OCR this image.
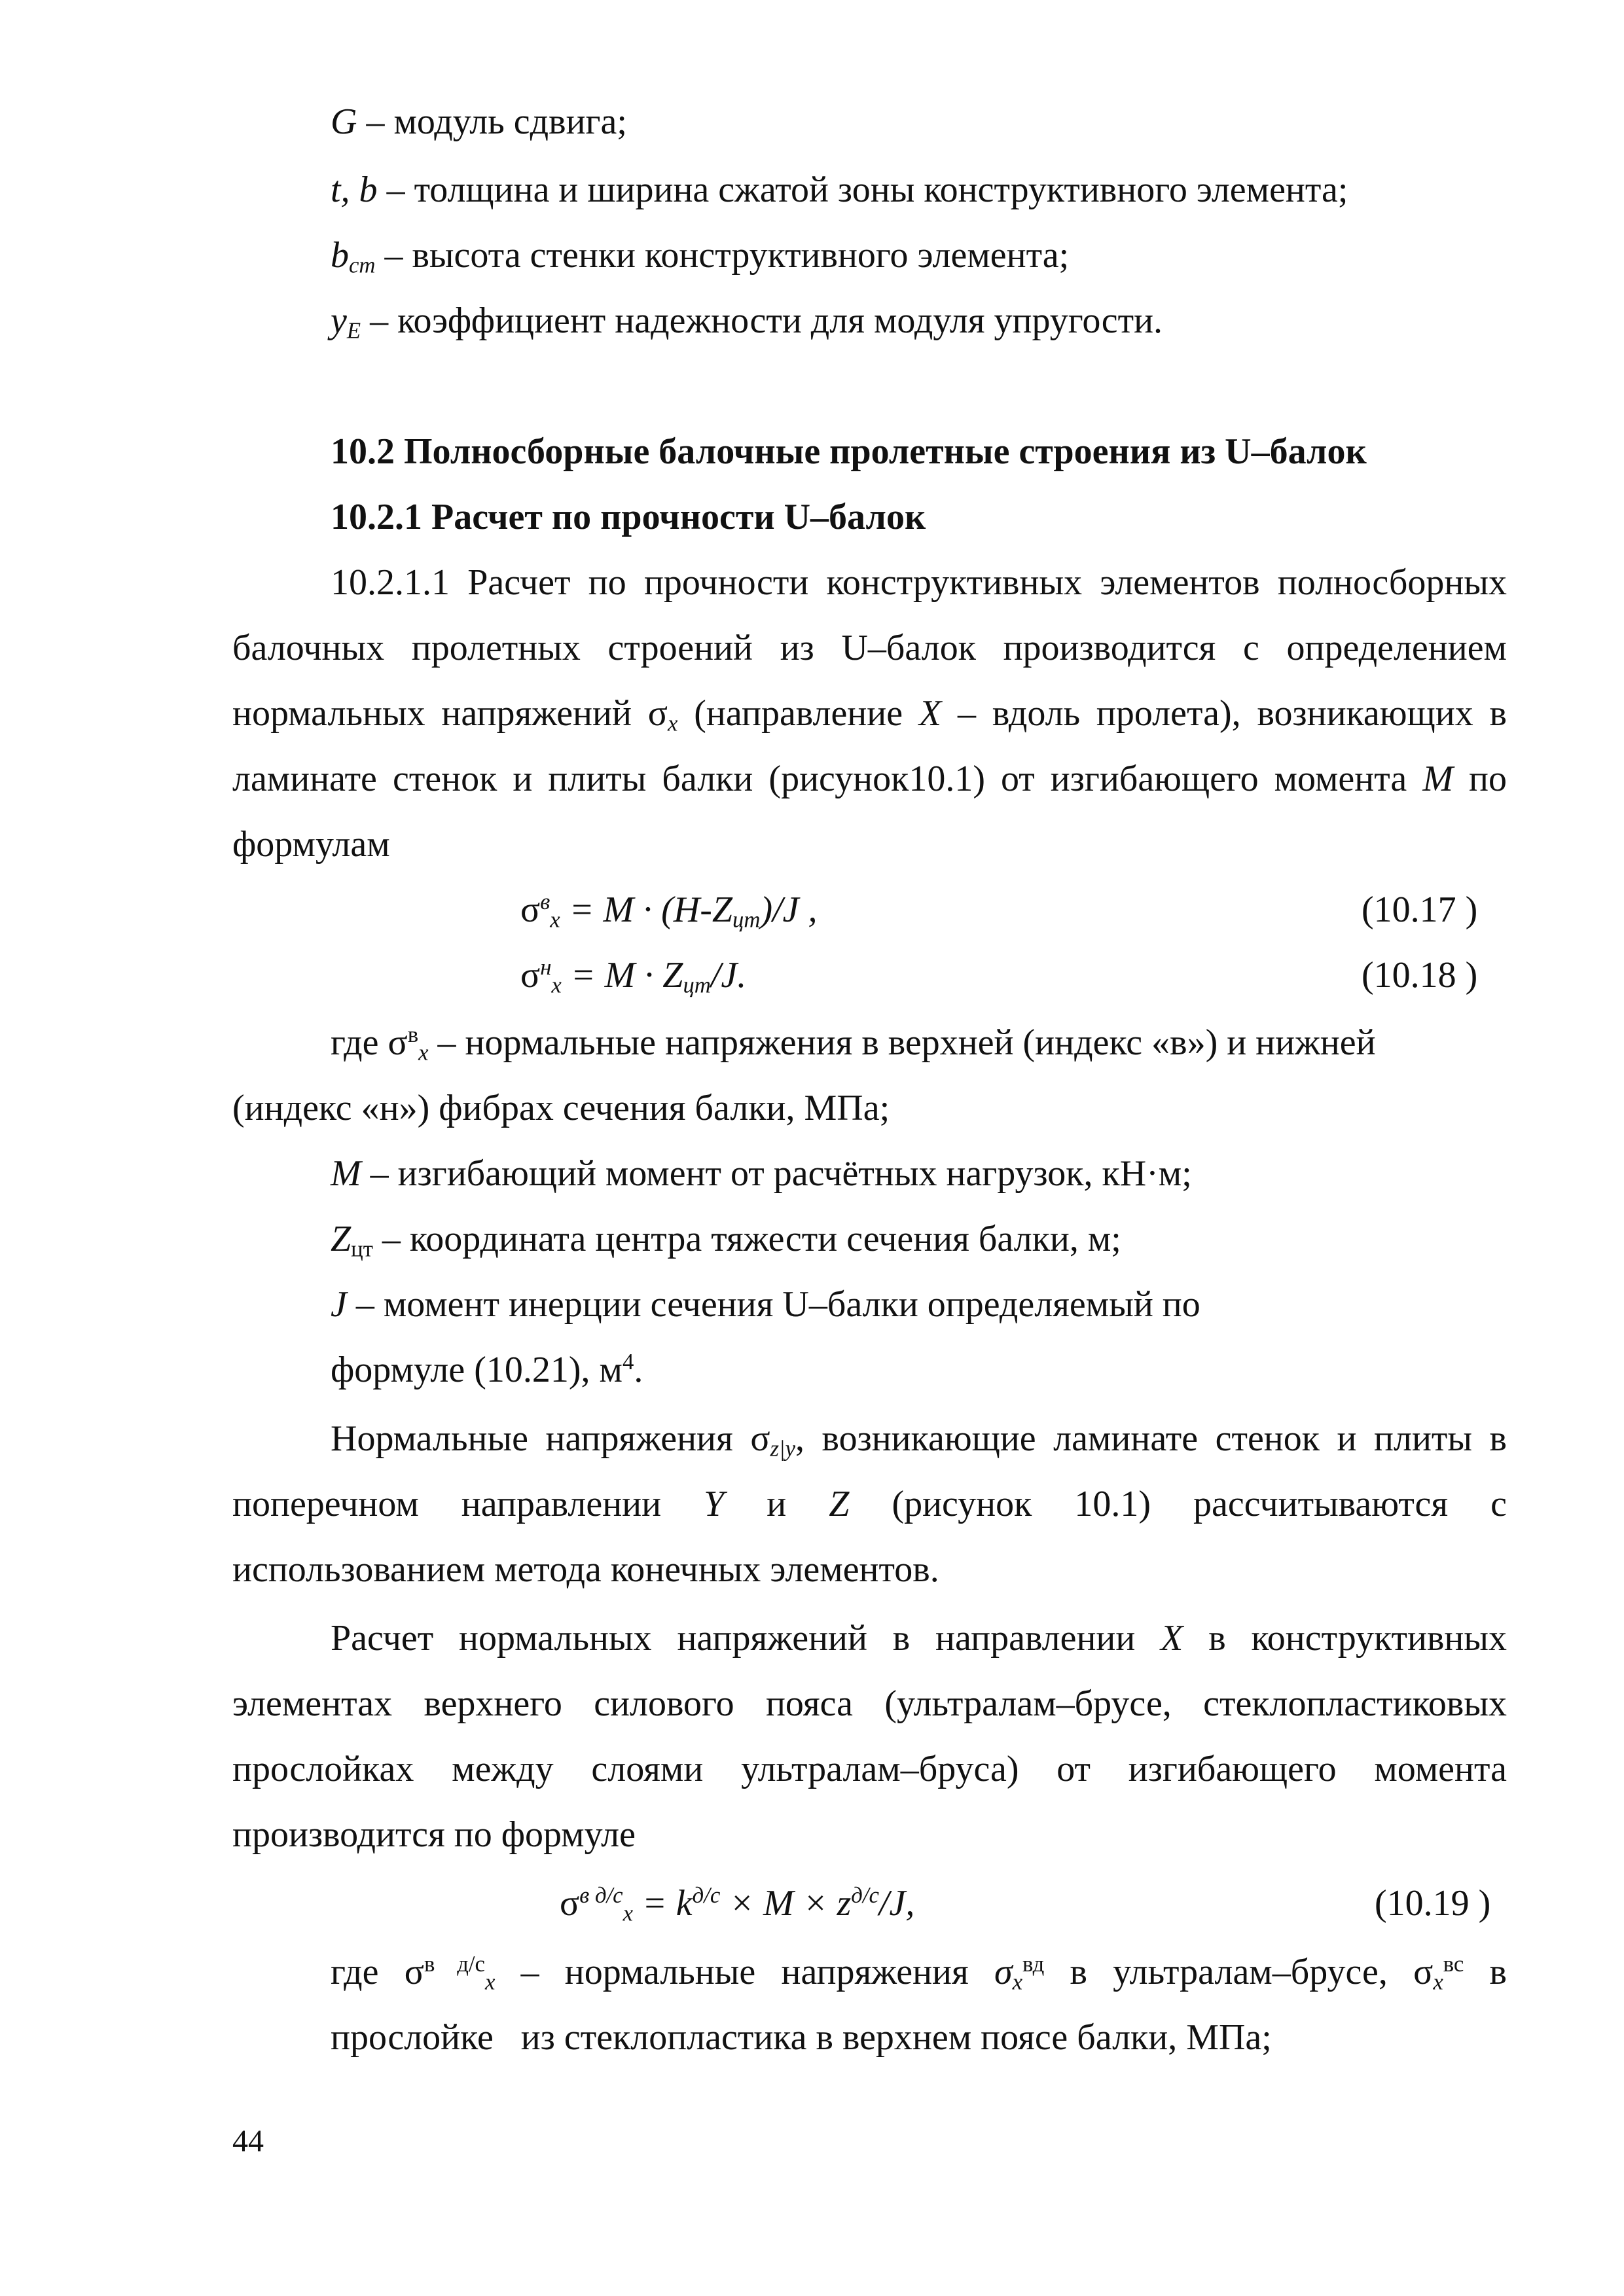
G – модуль сдвига;
t, b – толщина и ширина сжатой зоны конструктивного элемента;
$b_{cт}$ – высота стенки конструктивного элемента;
$y_E$ – коэффициент надежности для модуля упругости.
10.2 Полносборные балочные пролетные строения из U–балок
10.2.1 Расчет по прочности U–балок
10.2.1.1 Расчет по прочности конструктивных элементов полносборных
балочных пролетных строений из U–балок производится с определением
нормальных напряжений $\sigma_x$ (направление X – вдоль пролета), возникающих в
ламинате стенок и плиты балки (рисунок10.1) от изгибающего момента M по
формулам
$\sigma^в_x = M \cdot (H-Z_{цт})/J$ ,	(10.17 )
$\sigma^н_x = M \cdot Z_{цт}/J$.	(10.18 )
где $\sigma^в_x$ – нормальные напряжения в верхней (индекс «в») и нижней
(индекс «н») фибрах сечения балки, МПа;
M – изгибающий момент от расчётных нагрузок, кН·м;
$Z_{цт}$ – координата центра тяжести сечения балки, м;
J – момент инерции сечения U–балки определяемый по
формуле (10.21), $м^4$.
Нормальные напряжения $\sigma_{z|y}$, возникающие ламинате стенок и плиты в
поперечном направлении Y и Z (рисунок 10.1) рассчитываются с
использованием метода конечных элементов.
Расчет нормальных напряжений в направлении X в конструктивных
элементах верхнего силового пояса (ультралам–брусе, стеклопластиковых
прослойках между слоями ультралам–бруса) от изгибающего момента
производится по формуле
$\sigma^{в д/с}_x = k^{д/с} \times M \times z^{д/с}/J$,	(10.19 )
где $\sigma^{в д/с}_x$ – нормальные напряжения $\sigma_x^{вд}$ в ультралам–брусе, $\sigma_x^{вс}$ в
прослойке   из стеклопластика в верхнем поясе балки, МПа;
44
